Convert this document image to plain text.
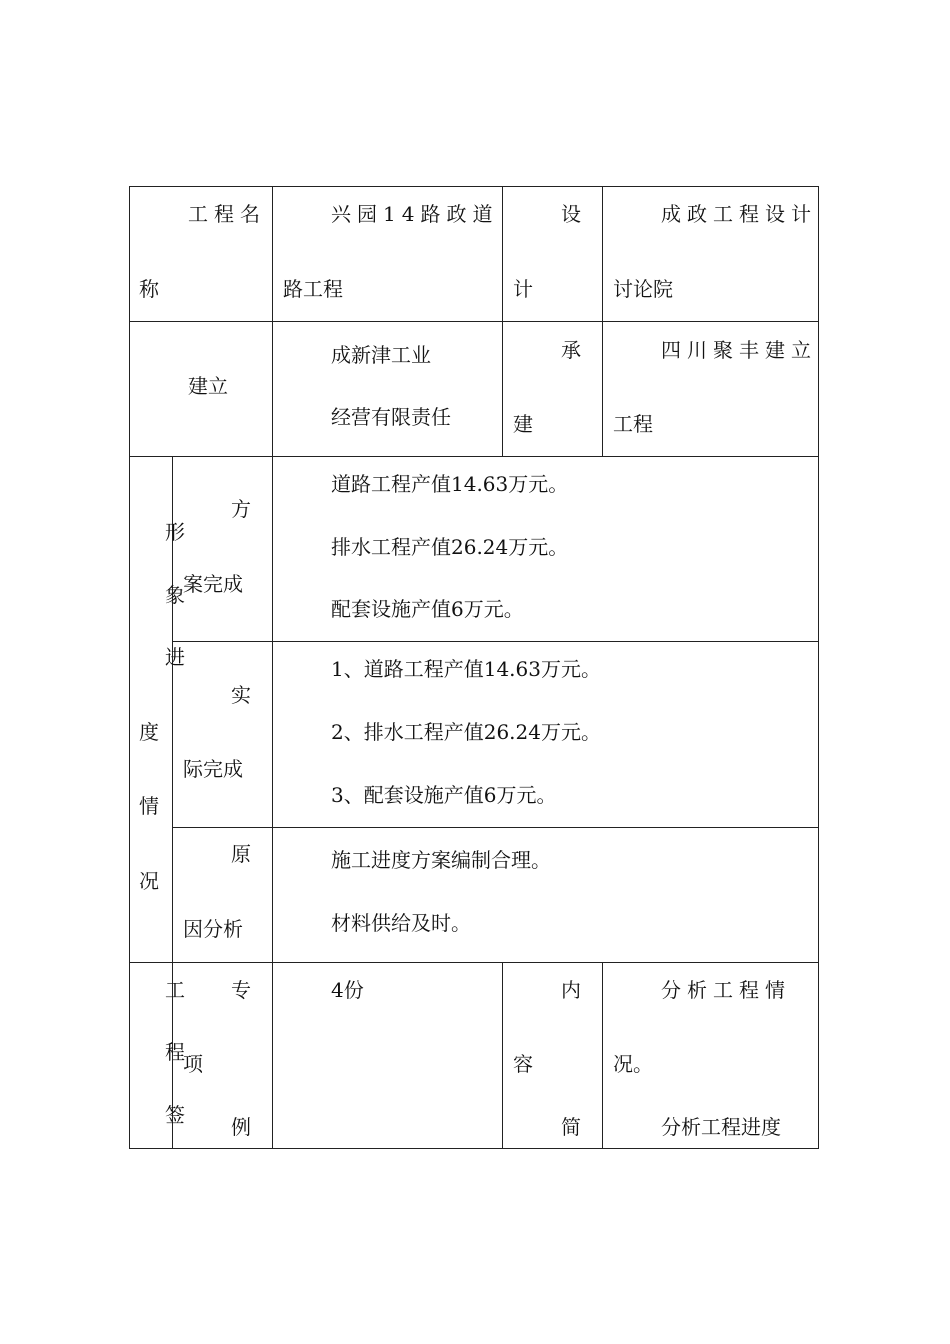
工程名
称
兴园14路政道
路工程
设
计
成政工程设计
讨论院
建立
成新津工业
经营有限责任
承
建
四川聚丰建立
工程
形
象
进
度
情
况
方
案完成
道路工程产值14.63万元。
排水工程产值26.24万元。
配套设施产值6万元。
实
际完成
1、道路工程产值14.63万元。
2、排水工程产值26.24万元。
3、配套设施产值6万元。
原
因分析
施工进度方案编制合理。
材料供给及时。
工
程
签
专
项
例
4份	内
容
简
分析工程情
况。
分析工程进度
